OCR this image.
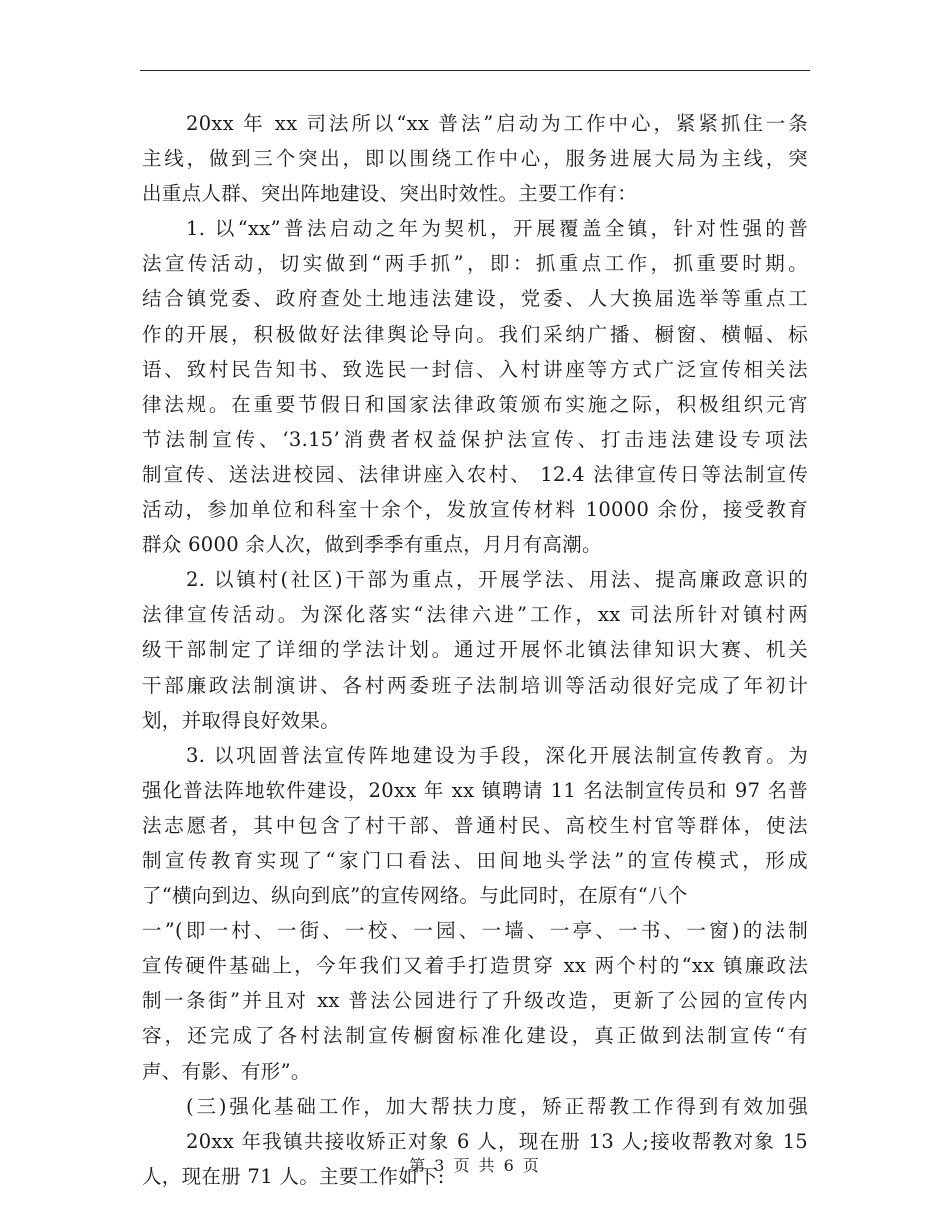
20xx 年 xx 司法所以“xx 普法”启动为工作中心，紧紧抓住一条
主线，做到三个突出，即以围绕工作中心，服务进展大局为主线，突
出重点人群、突出阵地建设、突出时效性。主要工作有：
1. 以“xx”普法启动之年为契机，开展覆盖全镇，针对性强的普
法宣传活动，切实做到“两手抓”，即：抓重点工作，抓重要时期。
结合镇党委、政府查处土地违法建设，党委、人大换届选举等重点工
作的开展，积极做好法律舆论导向。我们采纳广播、橱窗、横幅、标
语、致村民告知书、致选民一封信、入村讲座等方式广泛宣传相关法
律法规。在重要节假日和国家法律政策颁布实施之际，积极组织元宵
节法制宣传、‘3.15’消费者权益保护法宣传、打击违法建设专项法
制宣传、送法进校园、法律讲座入农村、 12.4 法律宣传日等法制宣传
活动，参加单位和科室十余个，发放宣传材料 10000 余份，接受教育
群众 6000 余人次，做到季季有重点，月月有高潮。
2. 以镇村(社区)干部为重点，开展学法、用法、提高廉政意识的
法律宣传活动。为深化落实“法律六进”工作，xx 司法所针对镇村两
级干部制定了详细的学法计划。通过开展怀北镇法律知识大赛、机关
干部廉政法制演讲、各村两委班子法制培训等活动很好完成了年初计
划，并取得良好效果。
3. 以巩固普法宣传阵地建设为手段，深化开展法制宣传教育。为
强化普法阵地软件建设，20xx 年 xx 镇聘请 11 名法制宣传员和 97 名普
法志愿者，其中包含了村干部、普通村民、高校生村官等群体，使法
制宣传教育实现了“家门口看法、田间地头学法”的宣传模式，形成
了“横向到边、纵向到底”的宣传网络。与此同时，在原有“八个
一”(即一村、一街、一校、一园、一墙、一亭、一书、一窗)的法制
宣传硬件基础上，今年我们又着手打造贯穿 xx 两个村的“xx 镇廉政法
制一条街”并且对 xx 普法公园进行了升级改造，更新了公园的宣传内
容，还完成了各村法制宣传橱窗标准化建设，真正做到法制宣传“有
声、有影、有形”。
(三)强化基础工作，加大帮扶力度，矫正帮教工作得到有效加强
20xx 年我镇共接收矫正对象 6 人，现在册 13 人;接收帮教对象 15
人，现在册 71 人。主要工作如下:
第 3 页 共 6 页
